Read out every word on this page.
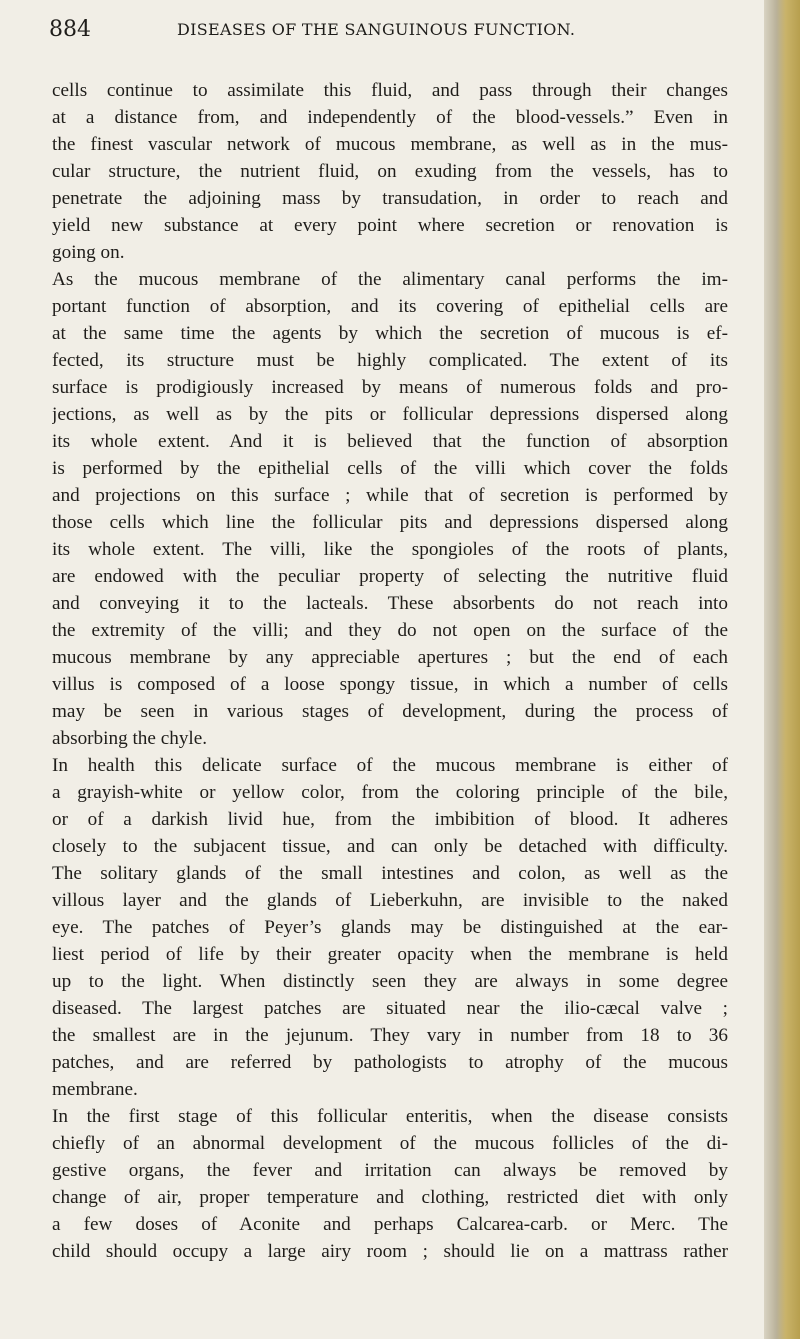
884	DISEASES OF THE SANGUINOUS FUNCTION.
cells continue to assimilate this fluid, and pass through their changes
at a distance from, and independently of the blood-vessels.” Even in
the finest vascular network of mucous membrane, as well as in the mus-
cular structure, the nutrient fluid, on exuding from the vessels, has to
penetrate the adjoining mass by transudation, in order to reach and
yield new substance at every point where secretion or renovation is
going on.
As the mucous membrane of the alimentary canal performs the im-
portant function of absorption, and its covering of epithelial cells are
at the same time the agents by which the secretion of mucous is ef-
fected, its structure must be highly complicated. The extent of its
surface is prodigiously increased by means of numerous folds and pro-
jections, as well as by the pits or follicular depressions dispersed along
its whole extent. And it is believed that the function of absorption
is performed by the epithelial cells of the villi which cover the folds
and projections on this surface ; while that of secretion is performed by
those cells which line the follicular pits and depressions dispersed along
its whole extent. The villi, like the spongioles of the roots of plants,
are endowed with the peculiar property of selecting the nutritive fluid
and conveying it to the lacteals. These absorbents do not reach into
the extremity of the villi; and they do not open on the surface of the
mucous membrane by any appreciable apertures ; but the end of each
villus is composed of a loose spongy tissue, in which a number of cells
may be seen in various stages of development, during the process of
absorbing the chyle.
In health this delicate surface of the mucous membrane is either of
a grayish-white or yellow color, from the coloring principle of the bile,
or of a darkish livid hue, from the imbibition of blood. It adheres
closely to the subjacent tissue, and can only be detached with difficulty.
The solitary glands of the small intestines and colon, as well as the
villous layer and the glands of Lieberkuhn, are invisible to the naked
eye. The patches of Peyer’s glands may be distinguished at the ear-
liest period of life by their greater opacity when the membrane is held
up to the light. When distinctly seen they are always in some degree
diseased. The largest patches are situated near the ilio-cæcal valve ;
the smallest are in the jejunum. They vary in number from 18 to 36
patches, and are referred by pathologists to atrophy of the mucous
membrane.
In the first stage of this follicular enteritis, when the disease consists
chiefly of an abnormal development of the mucous follicles of the di-
gestive organs, the fever and irritation can always be removed by
change of air, proper temperature and clothing, restricted diet with only
a few doses of Aconite and perhaps Calcarea-carb. or Merc. The
child should occupy a large airy room ; should lie on a mattrass rather
